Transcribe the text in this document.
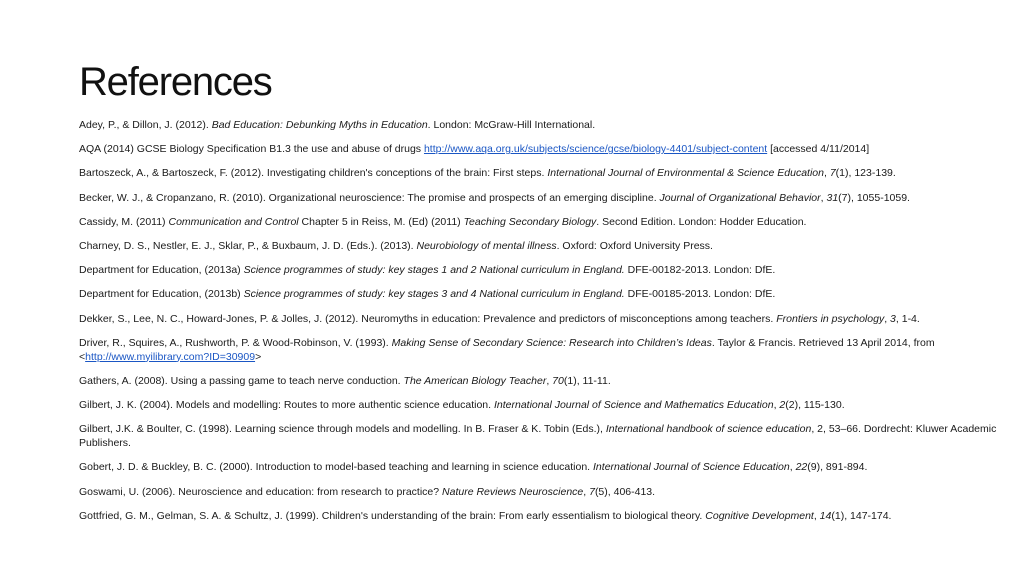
References

Adey, P., & Dillon, J. (2012). Bad Education: Debunking Myths in Education. London: McGraw-Hill International.

AQA (2014) GCSE Biology Specification B1.3 the use and abuse of drugs http://www.aqa.org.uk/subjects/science/gcse/biology-4401/subject-content [accessed 4/11/2014]

Bartoszeck, A., & Bartoszeck, F. (2012). Investigating children's conceptions of the brain: First steps. International Journal of Environmental & Science Education, 7(1), 123-139.

Becker, W. J., & Cropanzano, R. (2010). Organizational neuroscience: The promise and prospects of an emerging discipline. Journal of Organizational Behavior, 31(7), 1055-1059.

Cassidy, M. (2011) Communication and Control Chapter 5 in Reiss, M. (Ed) (2011) Teaching Secondary Biology. Second Edition. London: Hodder Education.

Charney, D. S., Nestler, E. J., Sklar, P., & Buxbaum, J. D. (Eds.). (2013). Neurobiology of mental illness. Oxford: Oxford University Press.

Department for Education, (2013a) Science programmes of study: key stages 1 and 2 National curriculum in England. DFE-00182-2013. London: DfE.

Department for Education, (2013b) Science programmes of study: key stages 3 and 4 National curriculum in England. DFE-00185-2013. London: DfE.

Dekker, S., Lee, N. C., Howard-Jones, P. & Jolles, J. (2012). Neuromyths in education: Prevalence and predictors of misconceptions among teachers. Frontiers in psychology, 3, 1-4.

Driver, R., Squires, A., Rushworth, P. & Wood-Robinson, V. (1993). Making Sense of Secondary Science: Research into Children’s Ideas. Taylor & Francis. Retrieved 13 April 2014, from <http://www.myilibrary.com?ID=30909>

Gathers, A. (2008). Using a passing game to teach nerve conduction. The American Biology Teacher, 70(1), 11-11.

Gilbert, J. K. (2004). Models and modelling: Routes to more authentic science education. International Journal of Science and Mathematics Education, 2(2), 115-130.

Gilbert, J.K. & Boulter, C. (1998). Learning science through models and modelling. In B. Fraser & K. Tobin (Eds.), International handbook of science education, 2, 53–66. Dordrecht: Kluwer Academic Publishers.

Gobert, J. D. & Buckley, B. C. (2000). Introduction to model-based teaching and learning in science education. International Journal of Science Education, 22(9), 891-894.

Goswami, U. (2006). Neuroscience and education: from research to practice? Nature Reviews Neuroscience, 7(5), 406-413.

Gottfried, G. M., Gelman, S. A. & Schultz, J. (1999). Children's understanding of the brain: From early essentialism to biological theory. Cognitive Development, 14(1), 147-174.
